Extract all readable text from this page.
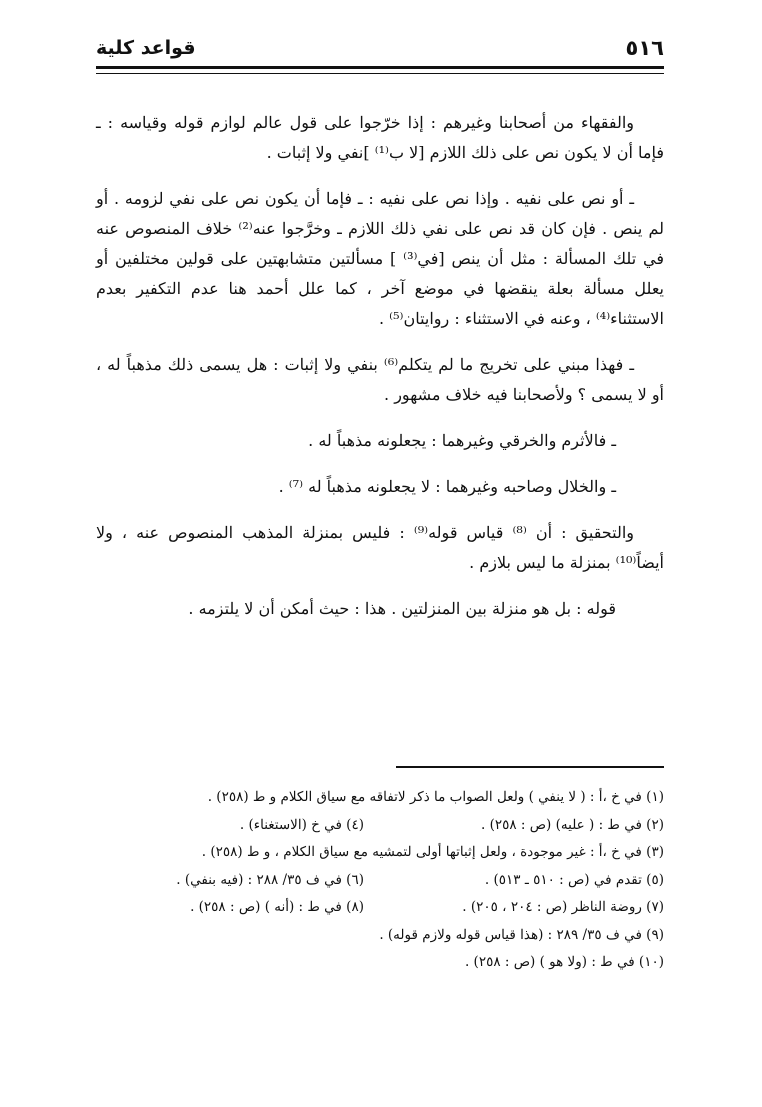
٥١٦
قواعد كلية

والفقهاء من أصحابنا وغيرهم : إذا خرّجوا على قول عالم لوازم قوله وقياسه : ـ فإما أن لا يكون نص على ذلك اللازم [لا ب⁽¹⁾ ]نفي ولا إثبات .

ـ أو نص على نفيه . وإذا نص على نفيه : ـ فإما أن يكون نص على نفي لزومه . أو لم ينص . فإن كان قد نص على نفي ذلك اللازم ـ وخرَّجوا عنه⁽²⁾ خلاف المنصوص عنه في تلك المسألة : مثل أن ينص [في⁽³⁾ ] مسألتين متشابهتين على قولين مختلفين أو يعلل مسألة بعلة ينقضها في موضع آخر ، كما علل أحمد هنا عدم التكفير بعدم الاستثناء⁽⁴⁾ ، وعنه في الاستثناء : روايتان⁽⁵⁾ .

ـ فهذا مبني على تخريج ما لم يتكلم⁽⁶⁾ بنفي ولا إثبات : هل يسمى ذلك مذهباً له ، أو لا يسمى ؟ ولأصحابنا فيه خلاف مشهور .

ـ فالأثرم والخرقي وغيرهما : يجعلونه مذهباً له .

ـ والخلال وصاحبه وغيرهما : لا يجعلونه مذهباً له ⁽⁷⁾ .

والتحقيق : أن ⁽⁸⁾ قياس قوله⁽⁹⁾ : فليس بمنزلة المذهب المنصوص عنه ، ولا أيضاً⁽¹⁰⁾ بمنزلة ما ليس بلازم .

قوله : بل هو منزلة بين المنزلتين . هذا : حيث أمكن أن لا يلتزمه .

(١) في خ ،أ : ( لا ينفي ) ولعل الصواب ما ذكر لاتفاقه مع سياق الكلام و ط (٢٥٨) .
(٢) في ط : ( عليه) (ص : ٢٥٨) .
(٤) في خ (الاستغناء) .
(٣) في خ ،أ : غير موجودة ، ولعل إثباتها أولى لتمشيه مع سياق الكلام ، و ط (٢٥٨) .
(٥) تقدم في (ص : ٥١٠ ـ ٥١٣) .
(٦) في ف ٣٥/ ٢٨٨ : (فيه بنفي) .
(٧) روضة الناظر (ص : ٢٠٤ ، ٢٠٥) .
(٨) في ط : (أنه ) (ص : ٢٥٨) .
(٩) في ف ٣٥/ ٢٨٩ : (هذا قياس قوله ولازم قوله) .
(١٠) في ط : (ولا هو ) (ص : ٢٥٨) .
